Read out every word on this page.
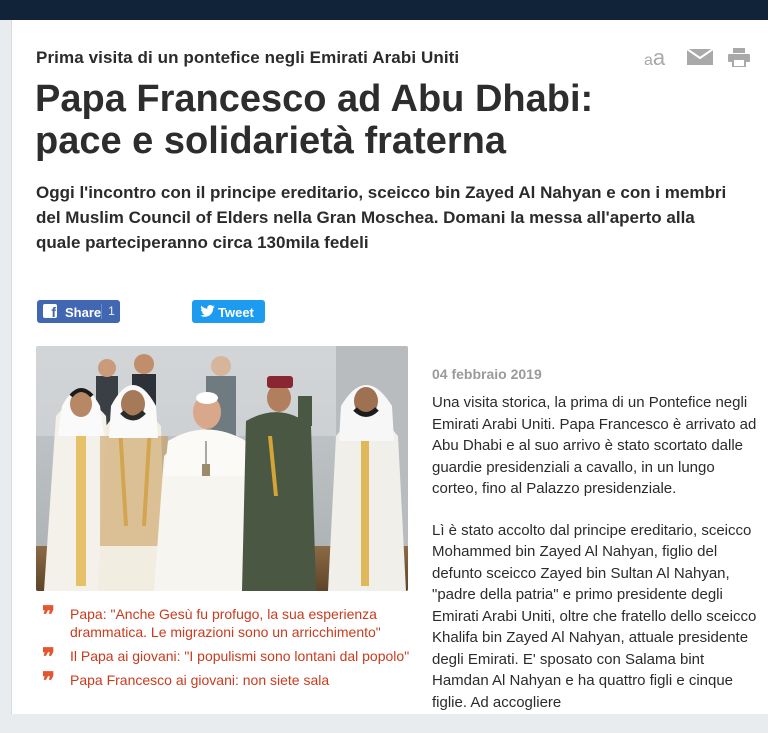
Prima visita di un pontefice negli Emirati Arabi Uniti	aa
Papa Francesco ad Abu Dhabi:
pace e solidarietà fraterna

Oggi l'incontro con il principe ereditario, sceicco bin Zayed Al Nahyan e con i membri del Muslim Council of Elders nella Gran Moschea. Domani la messa all'aperto alla quale parteciperanno circa 130mila fedeli

f Share 1	Tweet
❞ Papa: "Anche Gesù fu profugo, la sua esperienza drammatica. Le migrazioni sono un arricchimento"
❞ Il Papa ai giovani: "I populismi sono lontani dal popolo"
❞ Papa Francesco ai giovani: non siete sala

04 febbraio 2019

Una visita storica, la prima di un Pontefice negli Emirati Arabi Uniti. Papa Francesco è arrivato ad Abu Dhabi e al suo arrivo è stato scortato dalle guardie presidenziali a cavallo, in un lungo corteo, fino al Palazzo presidenziale.

Lì è stato accolto dal principe ereditario, sceicco Mohammed bin Zayed Al Nahyan, figlio del defunto sceicco Zayed bin Sultan Al Nahyan, "padre della patria" e primo presidente degli Emirati Arabi Uniti, oltre che fratello dello sceicco Khalifa bin Zayed Al Nahyan, attuale presidente degli Emirati. E' sposato con Salama bint Hamdan Al Nahyan e ha quattro figli e cinque figlie. Ad accogliere
